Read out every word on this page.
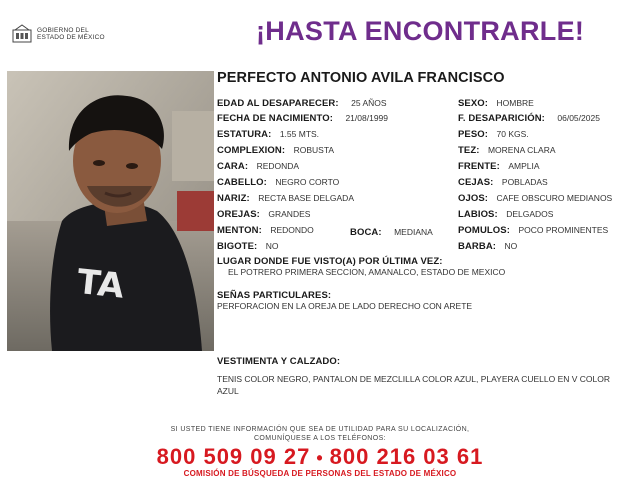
GOBIERNO DEL
ESTADO DE MÉXICO	¡HASTA ENCONTRARLE!
TA
PERFECTO ANTONIO AVILA FRANCISCO
EDAD AL DESAPARECER: 25 AÑOS
FECHA DE NACIMIENTO: 21/08/1999
ESTATURA: 1.55 MTS.
COMPLEXION: ROBUSTA
CARA: REDONDA
CABELLO: NEGRO CORTO
NARIZ: RECTA BASE DELGADA
OREJAS: GRANDES
MENTON: REDONDO	BOCA: MEDIANA
BIGOTE: NO
SEXO: HOMBRE
F. DESAPARICIÓN: 06/05/2025
PESO: 70 KGS.
TEZ: MORENA CLARA
FRENTE: AMPLIA
CEJAS: POBLADAS
OJOS: CAFE OBSCURO MEDIANOS
LABIOS: DELGADOS
POMULOS: POCO PROMINENTES
BARBA: NO
LUGAR DONDE FUE VISTO(A) POR ÚLTIMA VEZ:
EL POTRERO PRIMERA SECCION, AMANALCO, ESTADO DE MEXICO
SEÑAS PARTICULARES:
PERFORACION EN LA OREJA DE LADO DERECHO CON ARETE
VESTIMENTA Y CALZADO:
TENIS COLOR NEGRO, PANTALON DE MEZCLILLA COLOR AZUL, PLAYERA CUELLO EN V COLOR AZUL
SI USTED TIENE INFORMACIÓN QUE SEA DE UTILIDAD PARA SU LOCALIZACIÓN,
COMUNÍQUESE A LOS TELÉFONOS:
800 509 09 27 • 800 216 03 61
COMISIÓN DE BÚSQUEDA DE PERSONAS DEL ESTADO DE MÉXICO
